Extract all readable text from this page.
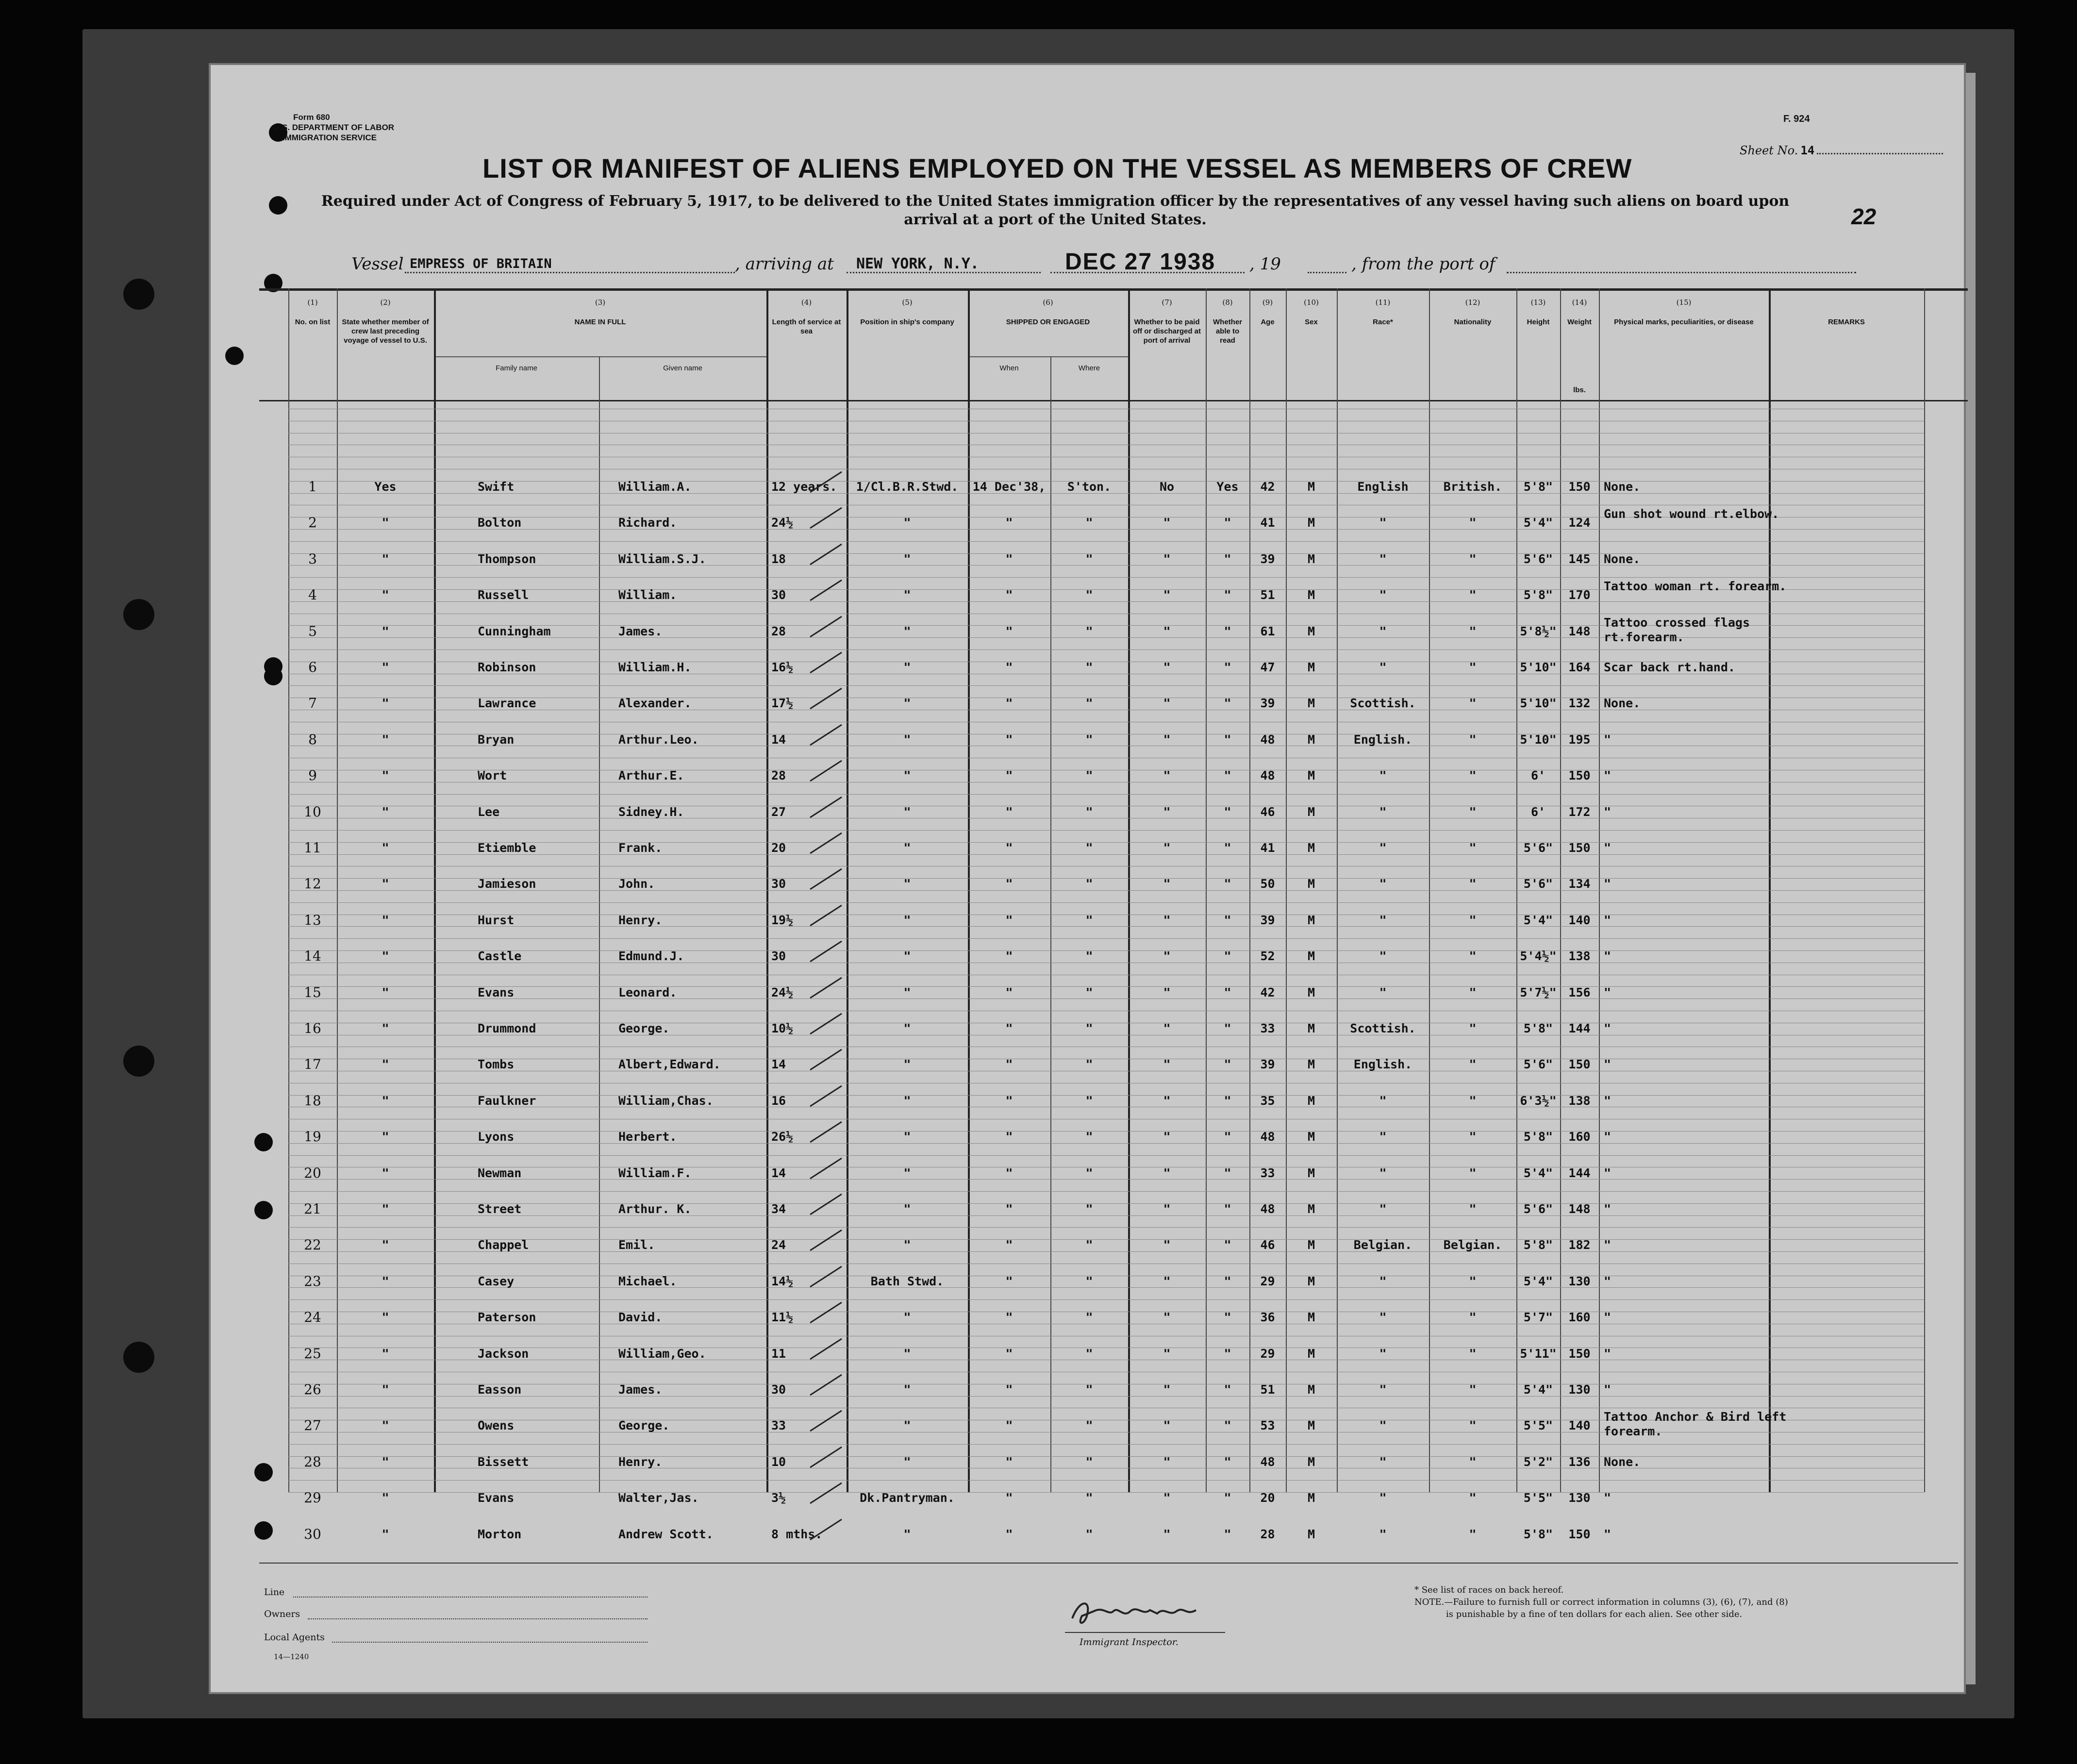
Form 680
U.S. DEPARTMENT OF LABOR
IMMIGRATION SERVICE
F. 924
Sheet No. 14
22
LIST OR MANIFEST OF ALIENS EMPLOYED ON THE VESSEL AS MEMBERS OF CREW
Required under Act of Congress of February 5, 1917, to be delivered to the United States immigration officer by the representatives of any vessel having such aliens on board upon
arrival at a port of the United States.
Vessel EMPRESS OF BRITAIN	, arriving at NEW YORK, N.Y.	DEC 27 1938 , 19	, from the port of
(1)
No. on list
(2)
State whether member of crew last preceding voyage of vessel to U.S.
(3)
NAME IN FULL
Family name	Given name
(4)
Length of service at sea
(5)
Position in ship's company
(6)
SHIPPED OR ENGAGED
When	Where
(7)
Whether to be paid off or discharged at port of arrival
(8)
Whether able to read
(9)
Age
(10)
Sex
(11)
Race*
(12)
Nationality
(13)
Height
(14)
Weight
lbs.
(15)
Physical marks, peculiarities, or disease	REMARKS
1	Yes	Swift	William.A.	12 years.	1/Cl.B.R.Stwd.	14 Dec'38,	S'ton.	No	Yes	42	M	English	British.	5'8"	150	None.
2	"	Bolton	Richard.	24½	"	"	"	"	"	41	M	"	"	5'4"	124
Gun shot wound rt.elbow.
3	"	Thompson	William.S.J.	18	"	"	"	"	"	39	M	"	"	5'6"	145	None.
4	"	Russell	William.	30	"	"	"	"	"	51	M	"	"	5'8"	170
Tattoo woman rt. forearm.
5	"	Cunningham	James.	28	"	"	"	"	"	61	M	"	"	5'8½" 148
Tattoo crossed flags rt.forearm.
6	"	Robinson	William.H.	16½	"	"	"	"	"	47	M	"	"	5'10" 164	Scar back rt.hand.
7	"	Lawrance	Alexander.	17½	"	"	"	"	"	39	M	Scottish.	"	5'10" 132	None.
8	"	Bryan	Arthur.Leo.	14	"	"	"	"	"	48	M	English.	"	5'10" 195	"
9	"	Wort	Arthur.E.	28	"	"	"	"	"	48	M	"	"	6'	150	"
10	"	Lee	Sidney.H.	27	"	"	"	"	"	46	M	"	"	6'	172	"
11	"	Etiemble	Frank.	20	"	"	"	"	"	41	M	"	"	5'6"	150	"
12	"	Jamieson	John.	30	"	"	"	"	"	50	M	"	"	5'6"	134	"
13	"	Hurst	Henry.	19½	"	"	"	"	"	39	M	"	"	5'4"	140	"
14	"	Castle	Edmund.J.	30	"	"	"	"	"	52	M	"	"	5'4½" 138	"
15	"	Evans	Leonard.	24½	"	"	"	"	"	42	M	"	"	5'7½" 156	"
16	"	Drummond	George.	10½	"	"	"	"	"	33	M	Scottish.	"	5'8"	144	"
17	"	Tombs	Albert,Edward.	14	"	"	"	"	"	39	M	English.	"	5'6"	150	"
18	"	Faulkner	William,Chas.	16	"	"	"	"	"	35	M	"	"	6'3½" 138	"
19	"	Lyons	Herbert.	26½	"	"	"	"	"	48	M	"	"	5'8"	160	"
20	"	Newman	William.F.	14	"	"	"	"	"	33	M	"	"	5'4"	144	"
21	"	Street	Arthur. K.	34	"	"	"	"	"	48	M	"	"	5'6"	148	"
22	"	Chappel	Emil.	24	"	"	"	"	"	46	M	Belgian.	Belgian.	5'8"	182	"
23	"	Casey	Michael.	14½	Bath Stwd.	"	"	"	"	29	M	"	"	5'4"	130	"
24	"	Paterson	David.	11½	"	"	"	"	"	36	M	"	"	5'7"	160	"
25	"	Jackson	William,Geo.	11	"	"	"	"	"	29	M	"	"	5'11" 150	"
26	"	Easson	James.	30	"	"	"	"	"	51	M	"	"	5'4"	130	"
27	"	Owens	George.	33	"	"	"	"	"	53	M	"	"	5'5"	140
Tattoo Anchor & Bird left forearm.
28	"	Bissett	Henry.	10	"	"	"	"	"	48	M	"	"	5'2"	136	None.
29	"	Evans	Walter,Jas.	3½	Dk.Pantryman.	"	"	"	"	20	M	"	"	5'5"	130	"
30	"	Morton	Andrew Scott.	8 mths.	"	"	"	"	"	28	M	"	"	5'8"	150	"
Line
Owners
Local Agents
14—1240
Immigrant Inspector.
* See list of races on back hereof.
NOTE.—Failure to furnish full or correct information in columns (3), (6), (7), and (8)
is punishable by a fine of ten dollars for each alien. See other side.
